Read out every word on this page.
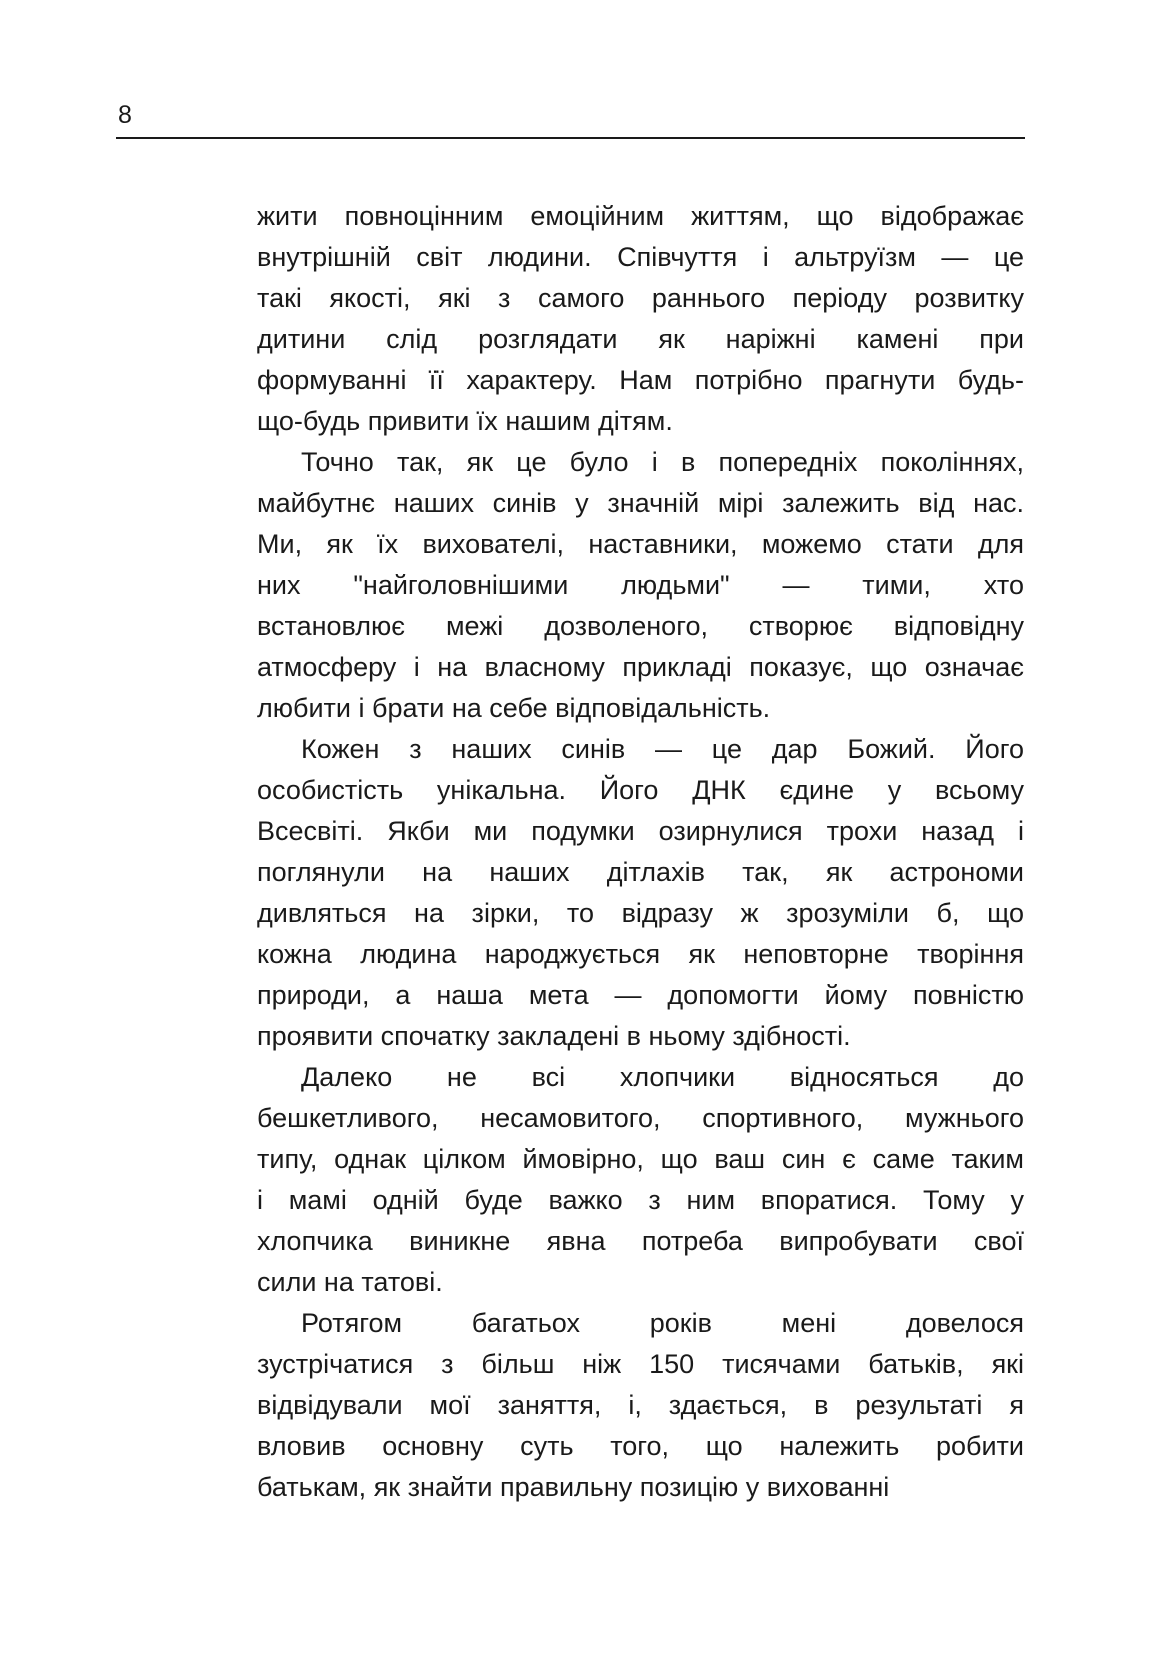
8
жити повноцінним емоційним життям, що відображає
внутрішній світ людини. Співчуття і альтруїзм — це
такі якості, які з самого раннього періоду розвитку
дитини слід розглядати як наріжні камені при
формуванні її характеру. Нам потрібно прагнути будь-
що-будь привити їх нашим дітям.
Точно так, як це було і в попередніх поколіннях,
майбутнє наших синів у значній мірі залежить від нас.
Ми, як їх вихователі, наставники, можемо стати для
них "найголовнішими людьми" — тими, хто
встановлює межі дозволеного, створює відповідну
атмосферу і на власному прикладі показує, що означає
любити і брати на себе відповідальність.
Кожен з наших синів — це дар Божий. Його
особистість унікальна. Його ДНК єдине у всьому
Всесвіті. Якби ми подумки озирнулися трохи назад і
поглянули на наших дітлахів так, як астрономи
дивляться на зірки, то відразу ж зрозуміли б, що
кожна людина народжується як неповторне творіння
природи, а наша мета — допомогти йому повністю
проявити спочатку закладені в ньому здібності.
Далеко не всі хлопчики відносяться до
бешкетливого, несамовитого, спортивного, мужнього
типу, однак цілком ймовірно, що ваш син є саме таким
і мамі одній буде важко з ним впоратися. Тому у
хлопчика виникне явна потреба випробувати свої
сили на татові.
Ротягом багатьох років мені довелося
зустрічатися з більш ніж 150 тисячами батьків, які
відвідували мої заняття, і, здається, в результаті я
вловив основну суть того, що належить робити
батькам, як знайти правильну позицію у вихованні
